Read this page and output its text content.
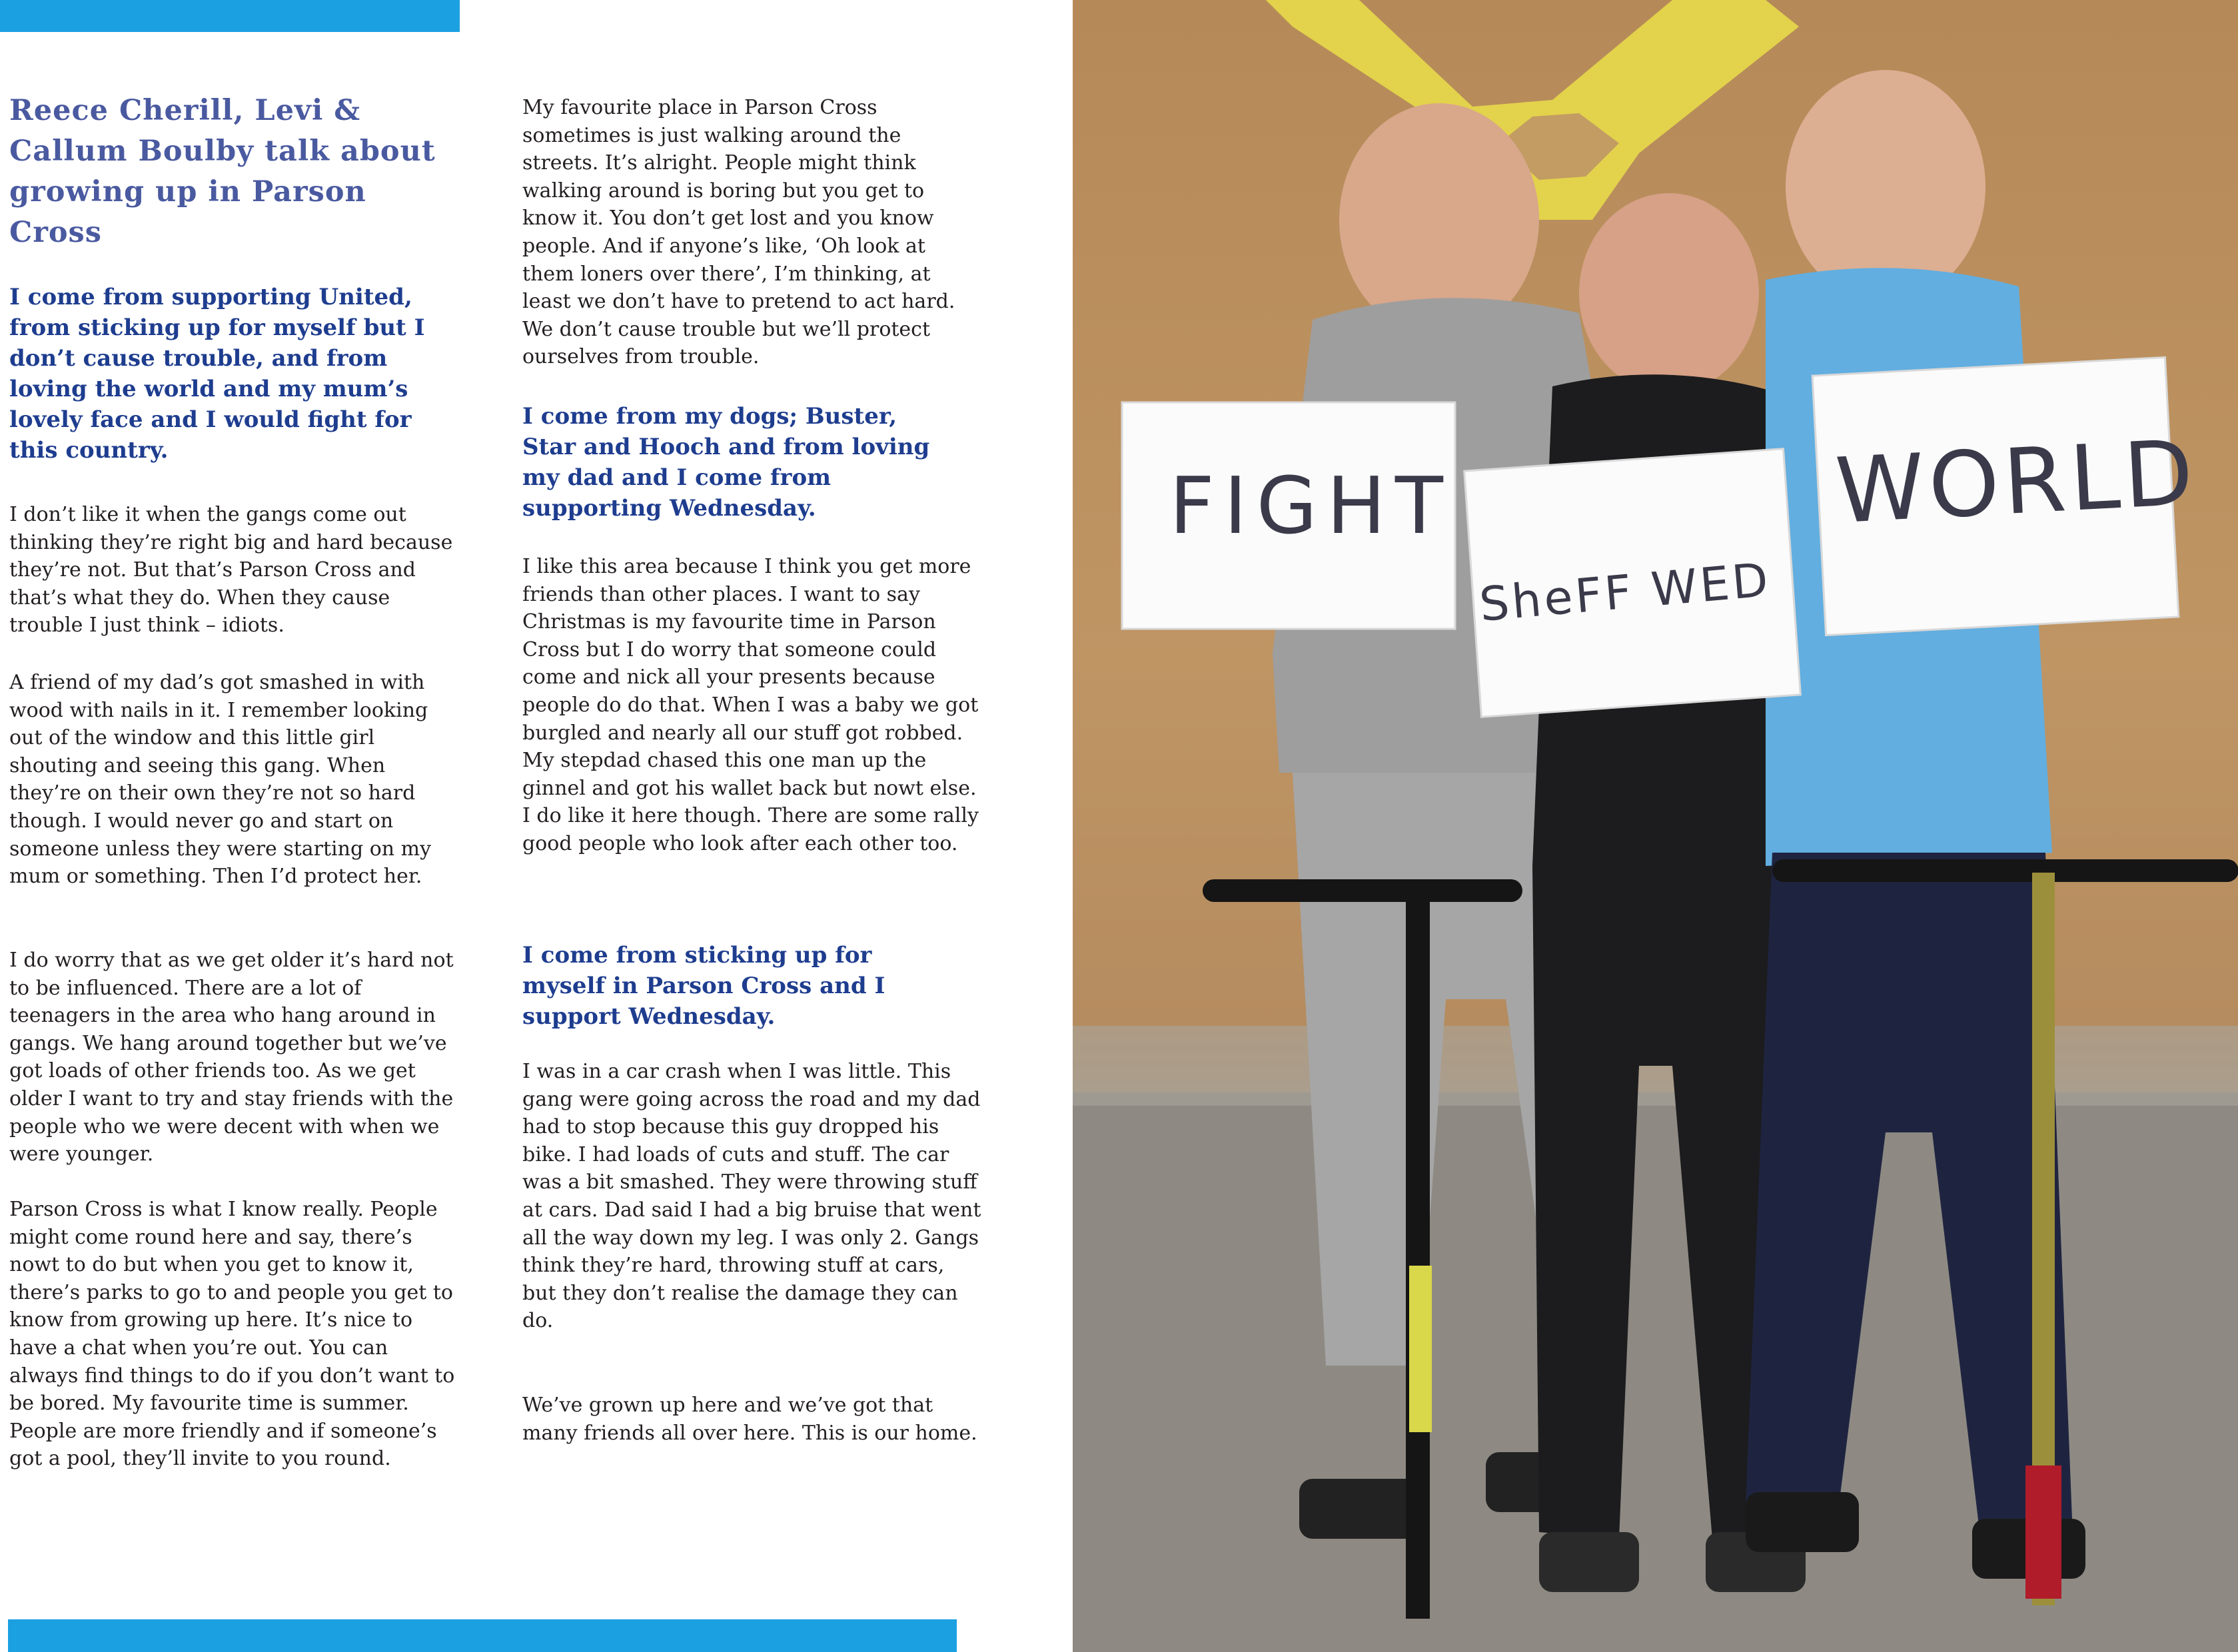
Reece Cherill, Levi & Callum Boulby talk about growing up in Parson Cross

I come from supporting United, from sticking up for myself but I don’t cause trouble, and from loving the world and my mum’s lovely face and I would fight for this country.

I don’t like it when the gangs come out thinking they’re right big and hard because they’re not. But that’s Parson Cross and that’s what they do. When they cause trouble I just think – idiots.

A friend of my dad’s got smashed in with wood with nails in it. I remember looking out of the window and this little girl shouting and seeing this gang. When they’re on their own they’re not so hard though. I would never go and start on someone unless they were starting on my mum or something. Then I’d protect her.

I do worry that as we get older it’s hard not to be influenced. There are a lot of teenagers in the area who hang around in gangs. We hang around together but we’ve got loads of other friends too. As we get older I want to try and stay friends with the people who we were decent with when we were younger.

Parson Cross is what I know really. People might come round here and say, there’s nowt to do but when you get to know it, there’s parks to go to and people you get to know from growing up here. It’s nice to have a chat when you’re out. You can always find things to do if you don’t want to be bored. My favourite time is summer. People are more friendly and if someone’s got a pool, they’ll invite to you round.

My favourite place in Parson Cross sometimes is just walking around the streets. It’s alright. People might think walking around is boring but you get to know it. You don’t get lost and you know people. And if anyone’s like, ‘Oh look at them loners over there’, I’m thinking, at least we don’t have to pretend to act hard. We don’t cause trouble but we’ll protect ourselves from trouble.

I come from my dogs; Buster, Star and Hooch and from loving my dad and I come from supporting Wednesday.

I like this area because I think you get more friends than other places. I want to say Christmas is my favourite time in Parson Cross but I do worry that someone could come and nick all your presents because people do do that. When I was a baby we got burgled and nearly all our stuff got robbed. My stepdad chased this one man up the ginnel and got his wallet back but nowt else. I do like it here though. There are some rally good people who look after each other too.

I come from sticking up for myself in Parson Cross and I support Wednesday.

I was in a car crash when I was little. This gang were going across the road and my dad had to stop because this guy dropped his bike. I had loads of cuts and stuff. The car was a bit smashed. They were throwing stuff at cars. Dad said I had a big bruise that went all the way down my leg. I was only 2. Gangs think they’re hard, throwing stuff at cars, but they don’t realise the damage they can do.

We’ve grown up here and we’ve got that many friends all over here. This is our home.

FIGHT
SheFF WED
WORLD
